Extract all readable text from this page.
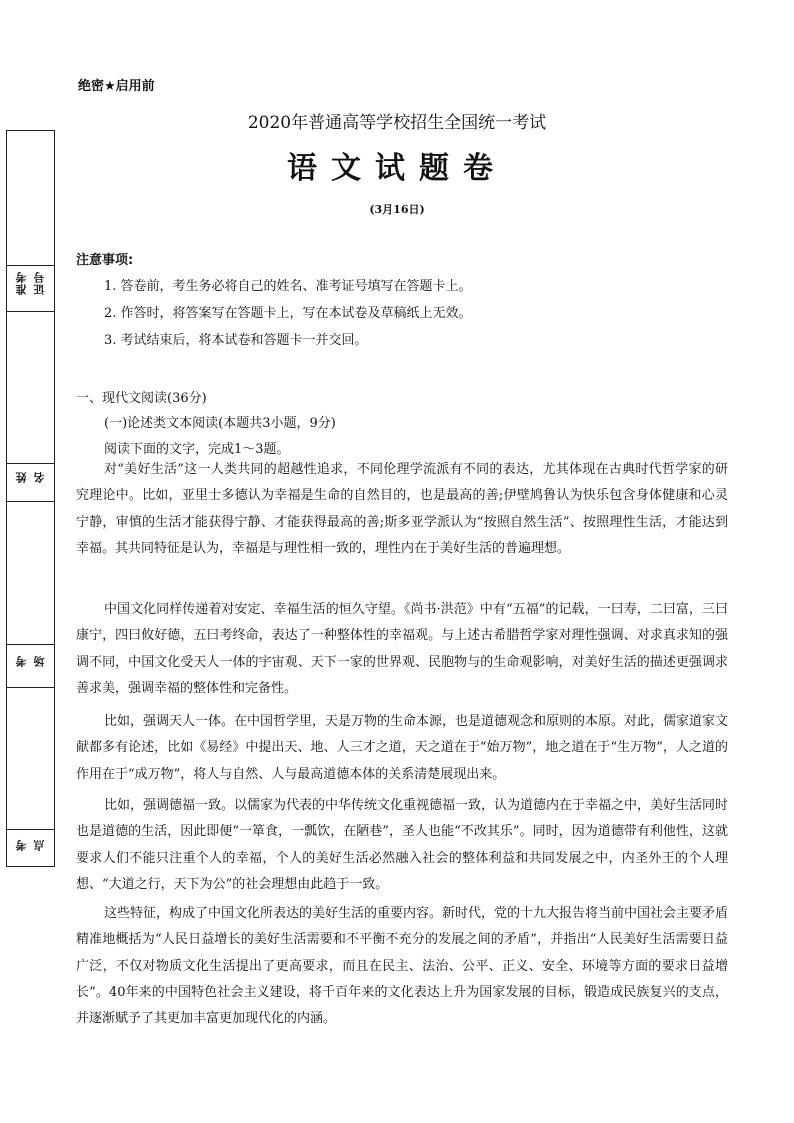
绝密★启用前
2020年普通高等学校招生全国统一考试
语文试题卷
(3月16日)
准考 证号
姓 名
考 场
考 点
注意事项:
1. 答卷前，考生务必将自己的姓名、准考证号填写在答题卡上。
2. 作答时，将答案写在答题卡上，写在本试卷及草稿纸上无效。
3. 考试结束后，将本试卷和答题卡一并交回。
一、现代文阅读(36分)
(一)论述类文本阅读(本题共3小题，9分)
阅读下面的文字，完成1～3题。

对“美好生活”这一人类共同的超越性追求，不同伦理学流派有不同的表达，尤其体现在古典时代哲学家的研究理论中。比如，亚里士多德认为幸福是生命的自然目的，也是最高的善;伊壁鸠鲁认为快乐包含身体健康和心灵宁静，审慎的生活才能获得宁静、才能获得最高的善;斯多亚学派认为“按照自然生活”、按照理性生活，才能达到幸福。其共同特征是认为，幸福是与理性相一致的，理性内在于美好生活的普遍理想。

中国文化同样传递着对安定、幸福生活的恒久守望。《尚书·洪范》中有“五福”的记载，一曰寿，二曰富，三曰康宁，四曰攸好德，五曰考终命，表达了一种整体性的幸福观。与上述古希腊哲学家对理性强调、对求真求知的强调不同，中国文化受天人一体的宇宙观、天下一家的世界观、民胞物与的生命观影响，对美好生活的描述更强调求善求美，强调幸福的整体性和完备性。

比如，强调天人一体。在中国哲学里，天是万物的生命本源，也是道德观念和原则的本原。对此，儒家道家文献都多有论述，比如《易经》中提出天、地、人三才之道，天之道在于“始万物”，地之道在于“生万物”，人之道的作用在于“成万物”，将人与自然、人与最高道德本体的关系清楚展现出来。

比如，强调德福一致。以儒家为代表的中华传统文化重视德福一致，认为道德内在于幸福之中，美好生活同时也是道德的生活，因此即便“一箪食，一瓢饮，在陋巷”，圣人也能“不改其乐”。同时，因为道德带有利他性，这就要求人们不能只注重个人的幸福，个人的美好生活必然融入社会的整体利益和共同发展之中，内圣外王的个人理想、“大道之行，天下为公”的社会理想由此趋于一致。

这些特征，构成了中国文化所表达的美好生活的重要内容。新时代，党的十九大报告将当前中国社会主要矛盾精准地概括为“人民日益增长的美好生活需要和不平衡不充分的发展之间的矛盾”，并指出“人民美好生活需要日益广泛，不仅对物质文化生活提出了更高要求，而且在民主、法治、公平、正义、安全、环境等方面的要求日益增长”。40年来的中国特色社会主义建设，将千百年来的文化表达上升为国家发展的目标，锻造成民族复兴的支点，并逐渐赋予了其更加丰富更加现代化的内涵。
